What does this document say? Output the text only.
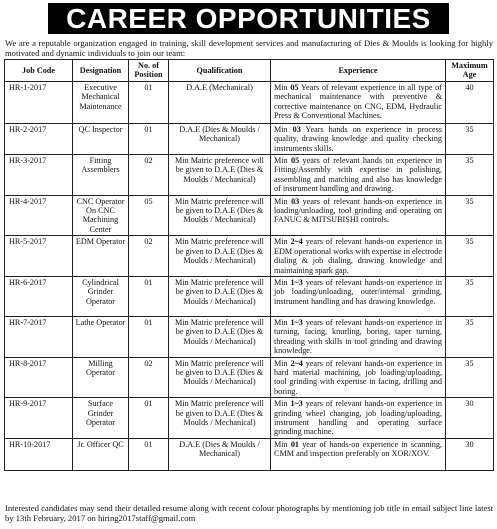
CAREER OPPORTUNITIES
We are a reputable organization engaged in training, skill development services and manufacturing of Dies & Moulds is looking for highly motivated and dynamic individuals to join our team:
Job Code	Designation	No. of Position	Qualification	Experience	Maximum Age
HR-1-2017	Executive Mechanical Maintenance	01	D.A.E (Mechanical)	Min 05 Years of relevant experience in all type of mechanical maintenance with preventive & corrective maintenance on CNC, EDM, Hydraulic Press & Conventional Machines.	40
HR-2-2017	QC Inspector	01	D.A.E (Dies & Moulds / Mechanical)	Min 03 Years hands on experience in process quality, drawing knowledge and quality checking instruments skills.	35
HR-3-2017	Fitting Assemblers	02	Min Matric preference will be given to D.A.E (Dies & Moulds / Mechanical)	Min 05 years of relevant hands on experience in Fitting/Assembly with expertise in polishing, assembling and matching and also has knowledge of instrument handling and drawing.	35
HR-4-2017	CNC Operator On CNC Machining Center	05	Min Matric preference will be given to D.A.E (Dies & Moulds / Mechanical)	Min 03 years of relevant hands-on experience in loading/unloading, tool grinding and operating on FANUC & MITSUBISHI controls.	35
HR-5-2017	EDM Operator	02	Min Matric preference will be given to D.A.E (Dies & Moulds / Mechanical)	Min 2~4 years of relevant hands-on experience in EDM operational works with expertise in electrode dialing & job dialing, drawing knowledge and maintaining spark gap.	35
HR-6-2017	Cylindrical Grinder Operator	01	Min Matric preference will be given to D.A.E (Dies & Moulds / Mechanical)	Min 1~3 years of relevant hands-on experience in job loading/unloading, outer/internal grinding, instrument handling and has drawing knowledge.	35
HR-7-2017	Lathe Operator	01	Min Matric preference will be given to D.A.E (Dies & Moulds / Mechanical)	Min 1~3 years of relevant hands-on experience in turning, facing, knurling, boring, taper turning, threading with skills in tool grinding and drawing knowledge.	35
HR-8-2017	Milling Operator	02	Min Matric preference will be given to D.A.E (Dies & Moulds / Mechanical)	Min 2~4 years of relevant hands-on experience in hard material machining, job loading/uploading, tool grinding with expertise in facing, drilling and boring.	35
HR-9-2017	Surface Grinder Operator	01	Min Matric preference will be given to D.A.E (Dies & Moulds / Mechanical)	Min 1~3 years of relevant hands-on experience in grinding wheel changing, job loading/uploading, instrument handling and operating surface grinding machine.	30
HR-10-2017	Jr. Officer QC	01	D.A.E (Dies & Moulds / Mechanical)	Min 01 year of hands-on experience in scanning, CMM and inspection preferably on XOR/XOV.	30
Interested candidates may send their detailed resume along with recent colour photographs by mentioning job title in email subject line latest by 13th February, 2017 on hiring2017staff@gmail.com
